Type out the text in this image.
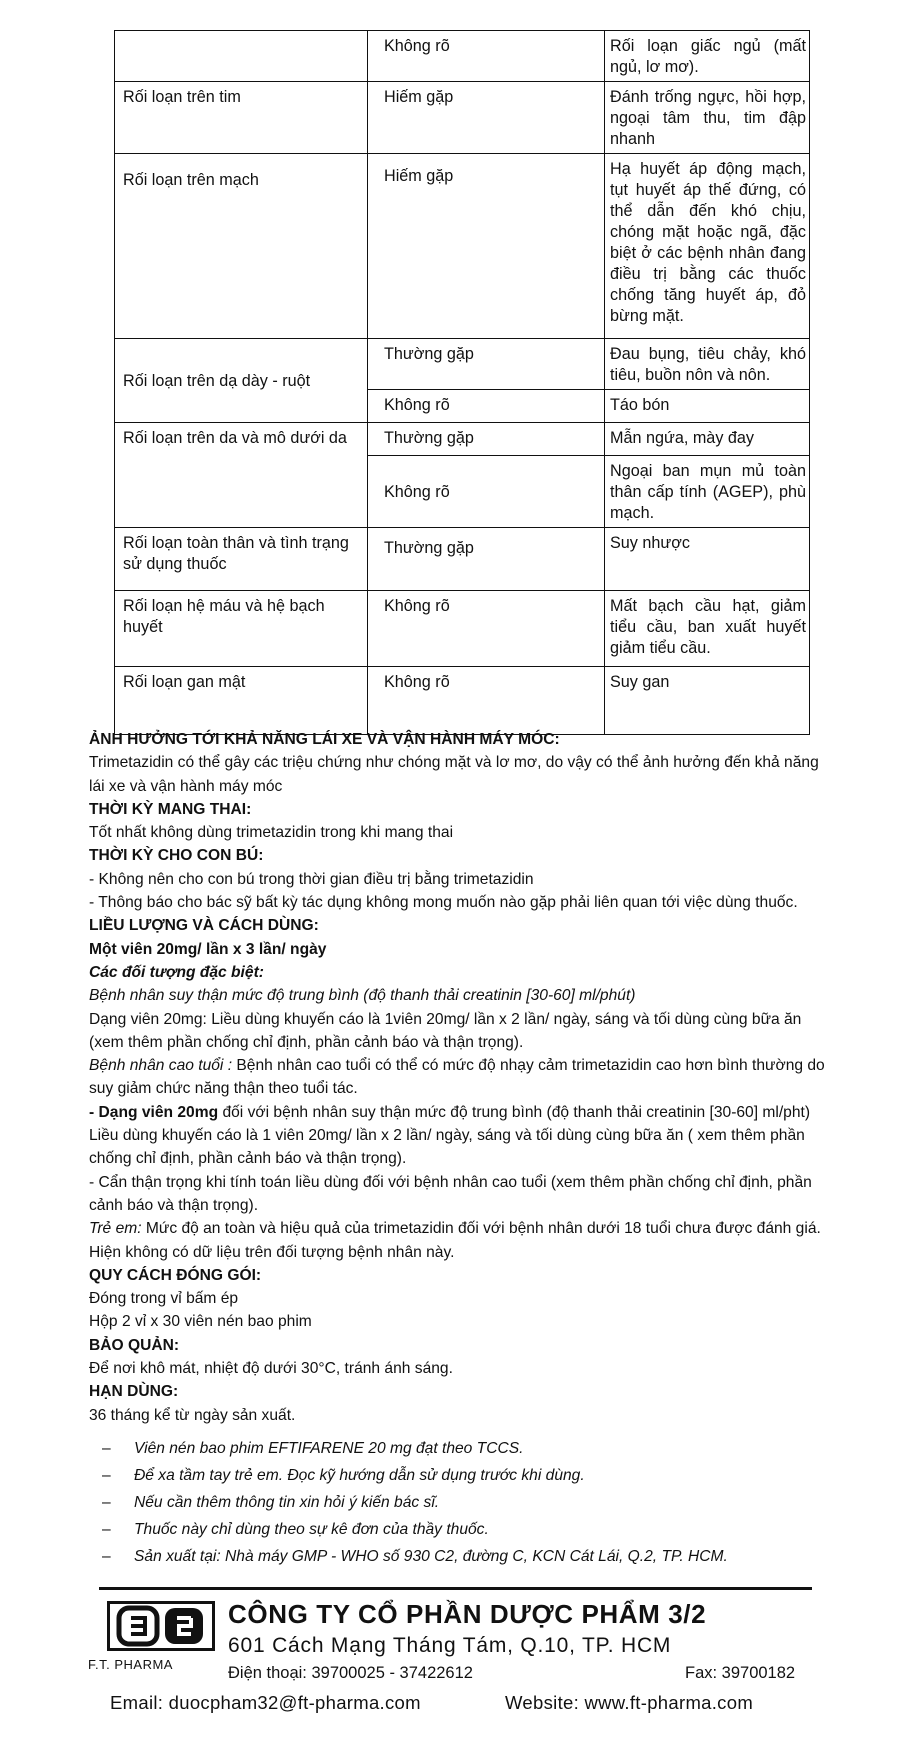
	Không rõ	Rối loạn giấc ngủ (mất ngủ, lơ mơ).
Rối loạn trên tim	Hiếm gặp	Đánh trống ngực, hồi hợp, ngoại tâm thu, tim đập nhanh
Rối loạn trên mạch	Hiếm gặp	Hạ huyết áp động mạch, tụt huyết áp thế đứng, có thể dẫn đến khó chịu, chóng mặt hoặc ngã, đặc biệt ở các bệnh nhân đang điều trị bằng các thuốc chống tăng huyết áp, đỏ bừng mặt.
Rối loạn trên dạ dày - ruột	Thường gặp	Đau bụng, tiêu chảy, khó tiêu, buồn nôn và nôn.
	Không rõ	Táo bón
Rối loạn trên da và mô dưới da	Thường gặp	Mẫn ngứa, mày đay
	Không rõ	Ngoại ban mụn mủ toàn thân cấp tính (AGEP), phù mạch.
Rối loạn toàn thân và tình trạng sử dụng thuốc	Thường gặp	Suy nhược
Rối loạn hệ máu và hệ bạch huyết	Không rõ	Mất bạch cầu hạt, giảm tiểu cầu, ban xuất huyết giảm tiểu cầu.
Rối loạn gan mật	Không rõ	Suy gan

ẢNH HƯỞNG TỚI KHẢ NĂNG LÁI XE VÀ VẬN HÀNH MÁY MÓC:

Trimetazidin có thể gây các triệu chứng như chóng mặt và lơ mơ, do vậy có thể ảnh hưởng đến khả năng lái xe và vận hành máy móc

THỜI KỲ MANG THAI:

Tốt nhất không dùng trimetazidin trong khi mang thai

THỜI KỲ CHO CON BÚ:

- Không nên cho con bú trong thời gian điều trị bằng trimetazidin

- Thông báo cho bác sỹ bất kỳ tác dụng không mong muốn nào gặp phải liên quan tới việc dùng thuốc.

LIỀU LƯỢNG VÀ CÁCH DÙNG:

Một viên 20mg/ lần x 3 lần/ ngày

Các đối tượng đặc biệt:

Bệnh nhân suy thận mức độ trung bình (độ thanh thải creatinin [30-60] ml/phút)

Dạng viên 20mg: Liều dùng khuyến cáo là 1viên 20mg/ lần x 2 lần/ ngày, sáng và tối dùng cùng bữa ăn (xem thêm phần chống chỉ định, phần cảnh báo và thận trọng).

Bệnh nhân cao tuổi : Bệnh nhân cao tuổi có thể có mức độ nhạy cảm trimetazidin cao hơn bình thường do suy giảm chức năng thận theo tuổi tác.

- Dạng viên 20mg đối với bệnh nhân suy thận mức độ trung bình (độ thanh thải creatinin [30-60] ml/pht) Liều dùng khuyến cáo là 1 viên 20mg/ lần x 2 lần/ ngày, sáng và tối dùng cùng bữa ăn ( xem thêm phần chống chỉ định, phần cảnh báo và thận trọng).

- Cẩn thận trọng khi tính toán liều dùng đối với bệnh nhân cao tuổi (xem thêm phần chống chỉ định, phần cảnh báo và thận trọng).

Trẻ em: Mức độ an toàn và hiệu quả của trimetazidin đối với bệnh nhân dưới 18 tuổi chưa được đánh giá. Hiện không có dữ liệu trên đối tượng bệnh nhân này.

QUY CÁCH ĐÓNG GÓI:

Đóng trong vỉ bấm ép

Hộp 2 vỉ x 30 viên nén bao phim

BẢO QUẢN:

Để nơi khô mát, nhiệt độ dưới 30°C, tránh ánh sáng.

HẠN DÙNG:

36 tháng kể từ ngày sản xuất.

– Viên nén bao phim EFTIFARENE 20 mg đạt theo TCCS.
– Để xa tầm tay trẻ em. Đọc kỹ hướng dẫn sử dụng trước khi dùng.
– Nếu cần thêm thông tin xin hỏi ý kiến bác sĩ.
– Thuốc này chỉ dùng theo sự kê đơn của thầy thuốc.
– Sản xuất tại: Nhà máy GMP - WHO số 930 C2, đường C, KCN Cát Lái, Q.2, TP. HCM.
F.T. PHARMA
CÔNG TY CỔ PHẦN DƯỢC PHẨM 3/2
601 Cách Mạng Tháng Tám, Q.10, TP. HCM
Điện thoại: 39700025 - 37422612	Fax: 39700182
Email: duocpham32@ft-pharma.com	Website: www.ft-pharma.com
